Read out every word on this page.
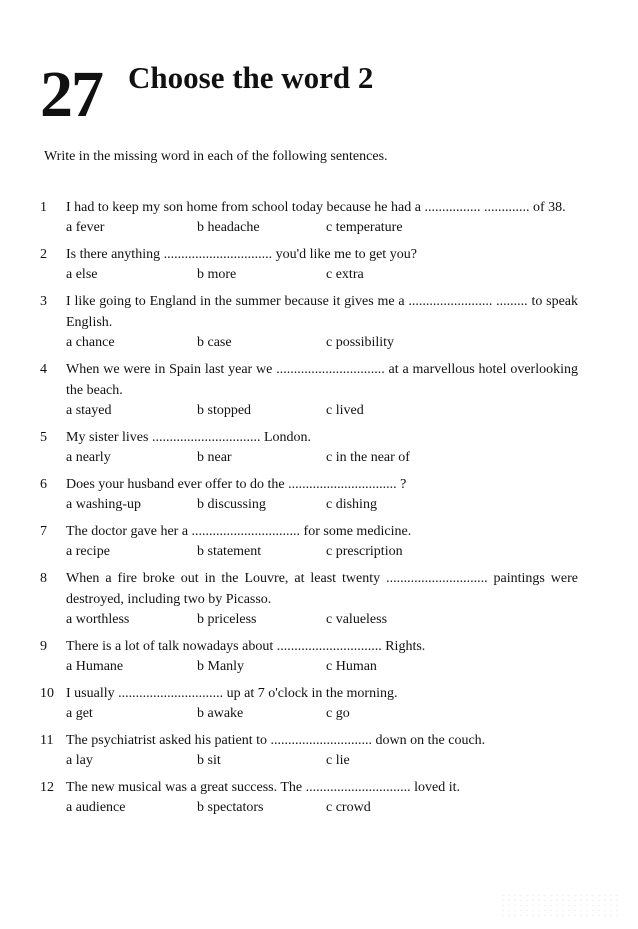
27 Choose the word 2
Write in the missing word in each of the following sentences.
1	I had to keep my son home from school today because he had a ................ ............. of 38.
a fever	b headache	c temperature
2	Is there anything ............................... you'd like me to get you?
a else	b more	c extra
3	I like going to England in the summer because it gives me a ........................ ......... to speak English.
a chance	b case	c possibility
4	When we were in Spain last year we ............................... at a marvellous hotel overlooking the beach.
a stayed	b stopped	c lived
5	My sister lives ............................... London.
a nearly	b near	c in the near of
6	Does your husband ever offer to do the ............................... ?
a washing-up	b discussing	c dishing
7	The doctor gave her a ............................... for some medicine.
a recipe	b statement	c prescription
8	When a fire broke out in the Louvre, at least twenty ............................. paintings were destroyed, including two by Picasso.
a worthless	b priceless	c valueless
9	There is a lot of talk nowadays about .............................. Rights.
a Humane	b Manly	c Human
10 I usually .............................. up at 7 o'clock in the morning.
a get	b awake	c go
11 The psychiatrist asked his patient to ............................. down on the couch.
a lay	b sit	c lie
12 The new musical was a great success. The .............................. loved it.
a audience	b spectators	c crowd
